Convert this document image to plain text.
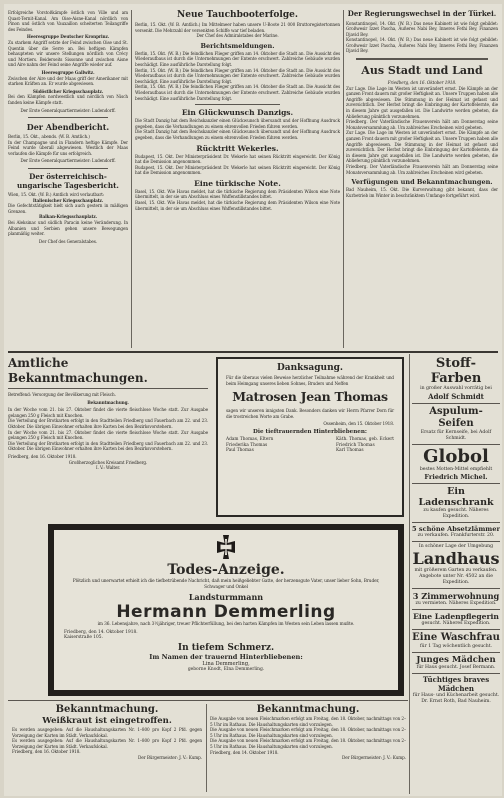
Erfolgreiche Vorstoßkämpfe östlich von Ville und am Quast-Ternit-Kanal. Am Oise-Aisne-Kanal nördlich von Pinon und östlich von Vauxaillon scheiterten Teilangriffe des Feindes.

Heeresgruppe Deutscher Kronprinz.

Zu starkem Angriff setzte der Feind zwischen Oise und St. Quentin über die Serre an. Bei heftigen Kämpfen behaupteten wir unsere Stellungen nördlich von Crécy und Mortiers. Beiderseits Sissonne und zwischen Aisne und Aire nahm der Feind seine Angriffe wieder auf.

Heeresgruppe Gallwitz.

Zwischen der Aire und der Maas griff der Amerikaner mit starken Kräften an. Er wurde abgewiesen.

Südöstlicher Kriegsschauplatz.

Bei den Kämpfen nordwestlich und nördlich von Nisch fanden keine Kämpfe statt.

Der Erste Generalquartiermeister: Ludendorff.

Der Abendbericht.

Berlin, 15. Okt., abends. (W. B. Amtlich.)

In der Champagne und in Flandern heftige Kämpfe. Der Feind wurde überall abgewiesen. Westlich der Maas verlaufen die Kämpfe für uns erfolgreich.

Der Erste Generalquartiermeister: Ludendorff.

Der österreichisch-ungarische Tagesbericht.

Wien, 15. Okt. (W. B.) Amtlich wird verlautbart:

Italienischer Kriegsschauplatz.

Die Gefechtstätigkeit hielt sich auch gestern in mäßigen Grenzen.

Balkan-Kriegsschauplatz.

Bei Aleksinac und südlich Paracin keine Veränderung. In Albanien und Serbien gehen unsere Bewegungen planmäßig weiter.

Der Chef des Generalstabes.

Neue Tauchbooterfolge.

Berlin, 15. Okt. (W. B. Amtlich.) Im Mittelmeer haben unsere U-Boote 21 000 Bruttoregistertonnen versenkt. Die Mehrzahl der versenkten Schiffe war tief beladen.

Der Chef des Admiralstabes der Marine.

Berichtsmeldungen.

Berlin, 15. Okt. (W. B.) Die feindlichen Flieger griffen am 14. Oktober die Stadt an. Die Aussicht des Wiederaufbaus ist durch die Unternehmungen der Entente erschwert. Zahlreiche Gebäude wurden beschädigt. Eine ausführliche Darstellung folgt.

Berlin, 15. Okt. (W. B.) Die feindlichen Flieger griffen am 14. Oktober die Stadt an. Die Aussicht des Wiederaufbaus ist durch die Unternehmungen der Entente erschwert. Zahlreiche Gebäude wurden beschädigt. Eine ausführliche Darstellung folgt.

Berlin, 15. Okt. (W. B.) Die feindlichen Flieger griffen am 14. Oktober die Stadt an. Die Aussicht des Wiederaufbaus ist durch die Unternehmungen der Entente erschwert. Zahlreiche Gebäude wurden beschädigt. Eine ausführliche Darstellung folgt.

Ein Glückwunsch Danzigs.

Die Stadt Danzig hat dem Reichskanzler einen Glückwunsch übersandt und der Hoffnung Ausdruck gegeben, dass die Verhandlungen zu einem ehrenvollen Frieden führen werden.

Die Stadt Danzig hat dem Reichskanzler einen Glückwunsch übersandt und der Hoffnung Ausdruck gegeben, dass die Verhandlungen zu einem ehrenvollen Frieden führen werden.

Rücktritt Wekerles.

Budapest, 15. Okt. Der Ministerpräsident Dr. Wekerle hat seinen Rücktritt eingereicht. Der König hat die Demission angenommen.

Budapest, 15. Okt. Der Ministerpräsident Dr. Wekerle hat seinen Rücktritt eingereicht. Der König hat die Demission angenommen.

Eine türkische Note.

Basel, 15. Okt. Wie Havas meldet, hat die türkische Regierung dem Präsidenten Wilson eine Note übermittelt, in der sie um Abschluss eines Waffenstillstandes bittet.

Basel, 15. Okt. Wie Havas meldet, hat die türkische Regierung dem Präsidenten Wilson eine Note übermittelt, in der sie um Abschluss eines Waffenstillstandes bittet.

Der Regierungswechsel in der Türkei.

Konstantinopel, 14. Okt. (W. B.) Das neue Kabinett ist wie folgt gebildet: Großwesir Izzet Pascha, Äußeres Nabi Bey, Inneres Fethi Bey, Finanzen Djavid Bey.

Konstantinopel, 14. Okt. (W. B.) Das neue Kabinett ist wie folgt gebildet: Großwesir Izzet Pascha, Äußeres Nabi Bey, Inneres Fethi Bey, Finanzen Djavid Bey.

Aus Stadt und Land

Friedberg, den 16. Oktober 1918.

Zur Lage. Die Lage im Westen ist unverändert ernst. Die Kämpfe an der ganzen Front dauern mit großer Heftigkeit an. Unsere Truppen haben alle Angriffe abgewiesen. Die Stimmung in der Heimat ist gefasst und zuversichtlich. Der Herbst bringt die Einbringung der Kartoffelernte, die in diesem Jahre gut ausgefallen ist. Die Landwirte werden gebeten, die Ablieferung pünktlich vorzunehmen.

Friedberg. Der Vaterländische Frauenverein hält am Donnerstag seine Monatsversammlung ab. Um zahlreiches Erscheinen wird gebeten.

Zur Lage. Die Lage im Westen ist unverändert ernst. Die Kämpfe an der ganzen Front dauern mit großer Heftigkeit an. Unsere Truppen haben alle Angriffe abgewiesen. Die Stimmung in der Heimat ist gefasst und zuversichtlich. Der Herbst bringt die Einbringung der Kartoffelernte, die in diesem Jahre gut ausgefallen ist. Die Landwirte werden gebeten, die Ablieferung pünktlich vorzunehmen.

Friedberg. Der Vaterländische Frauenverein hält am Donnerstag seine Monatsversammlung ab. Um zahlreiches Erscheinen wird gebeten.

Verfügungen und Bekanntmachungen.

Bad Nauheim, 15. Okt. Die Kurverwaltung gibt bekannt, dass der Kurbetrieb im Winter in beschränktem Umfange fortgeführt wird.

Amtliche Bekanntmachungen.

Betreffend: Versorgung der Bevölkerung mit Fleisch.

Bekanntmachung.

In der Woche vom 21. bis 27. Oktober findet die vierte fleischlose Woche statt. Zur Ausgabe gelangen 250 g Fleisch mit Knochen.

Die Verteilung der Brotkarten erfolgt in den Stadtteilen Friedberg und Fauerbach am 22. und 23. Oktober. Die übrigen Einwohner erhalten ihre Karten bei den Bezirksvorstehern.

In der Woche vom 21. bis 27. Oktober findet die vierte fleischlose Woche statt. Zur Ausgabe gelangen 250 g Fleisch mit Knochen.

Die Verteilung der Brotkarten erfolgt in den Stadtteilen Friedberg und Fauerbach am 22. und 23. Oktober. Die übrigen Einwohner erhalten ihre Karten bei den Bezirksvorstehern.

Friedberg, den 16. Oktober 1918.

Großherzogliches Kreisamt Friedberg.

I. V.: Walter.

Danksagung.

Für die überaus vielen Beweise herzlicher Teilnahme während der Krankheit und beim Heimgang unseres lieben Sohnes, Bruders und Neffen

Matrosen Jean Thomas

sagen wir unseren innigsten Dank. Besonders danken wir Herrn Pfarrer Dorn für die trostreichen Worte am Grabe.

Ossenheim, den 15. Oktober 1918.

Die tieftrauernden Hinterbliebenen:

Adam Thomas, Eltern
Friederika Thomas
Paul Thomas
Käth. Thomas, geb. Eckert
Friedrich Thomas
Karl Thomas

Todes-Anzeige.

Plötzlich und unerwartet erhielt ich die tiefbetrübende Nachricht, daß mein heißgeliebter Gatte, der herzensgute Vater, unser lieber Sohn, Bruder, Schwager und Onkel

Landsturmmann

Hermann Demmerling

im 36. Lebensjahre, nach 3½jähriger, treuer Pflichterfüllung, bei den harten Kämpfen im Westen sein Leben lassen mußte.

Friedberg, den 14. Oktober 1918.
Kaiserstraße 105.

In tiefem Schmerz.

Im Namen der trauernd Hinterbliebenen:

Lina Demmerling,

geborne Knodt, Elna Demmerling.

Bekanntmachung.

Weißkraut ist eingetroffen.

Es werden ausgegeben: Auf die Haushaltungskarten Nr. 1–800 pro Kopf 2 Pfd. gegen Vorzeigung der Karten im Städt. Verkaufslokal.

Es werden ausgegeben: Auf die Haushaltungskarten Nr. 1–800 pro Kopf 2 Pfd. gegen Vorzeigung der Karten im Städt. Verkaufslokal.

Friedberg, den 16. Oktober 1918.

Der Bürgermeister: J. V.: Kump.

Bekanntmachung.

Die Ausgabe von neuen Fleischmarken erfolgt am Freitag, den 18. Oktober, nachmittags von 2–5 Uhr im Rathaus. Die Haushaltungskarten sind vorzulegen.

Die Ausgabe von neuen Fleischmarken erfolgt am Freitag, den 18. Oktober, nachmittags von 2–5 Uhr im Rathaus. Die Haushaltungskarten sind vorzulegen.

Die Ausgabe von neuen Fleischmarken erfolgt am Freitag, den 18. Oktober, nachmittags von 2–5 Uhr im Rathaus. Die Haushaltungskarten sind vorzulegen.

Friedberg, den 14. Oktober 1918.

Der Bürgermeister: J. V.: Kump.

Stoff-Farben

in großer Auswahl vorrätig bei

Adolf Schmidt

Aspulum-Seifen

Ersatz für Kernseife, bei Adolf Schmidt.

Globol

bestes Motten-Mittel empfiehlt

Friedrich Michel.

Ein Ladenschrank

zu kaufen gesucht. Näheres Expedition.

5 schöne Absetzlämmer

zu verkaufen. Frankfurterstr. 20.

In schöner Lage der Umgebung

Landhaus

mit größerem Garten zu verkaufen. Angebote unter Nr. 4502 an die Expedition.

3 Zimmerwohnung

zu vermieten. Näheres Expedition.

Eine Ladenpflegerin

gesucht. Näheres Expedition.

Eine Waschfrau

für 1 Tag wöchentlich gesucht.

Junges Mädchen

für Haus gesucht. Josef Bermann.

Tüchtiges braves Mädchen

für Haus- und Küchenarbeit gesucht. Dr. Ernst Roth, Bad Nauheim.
